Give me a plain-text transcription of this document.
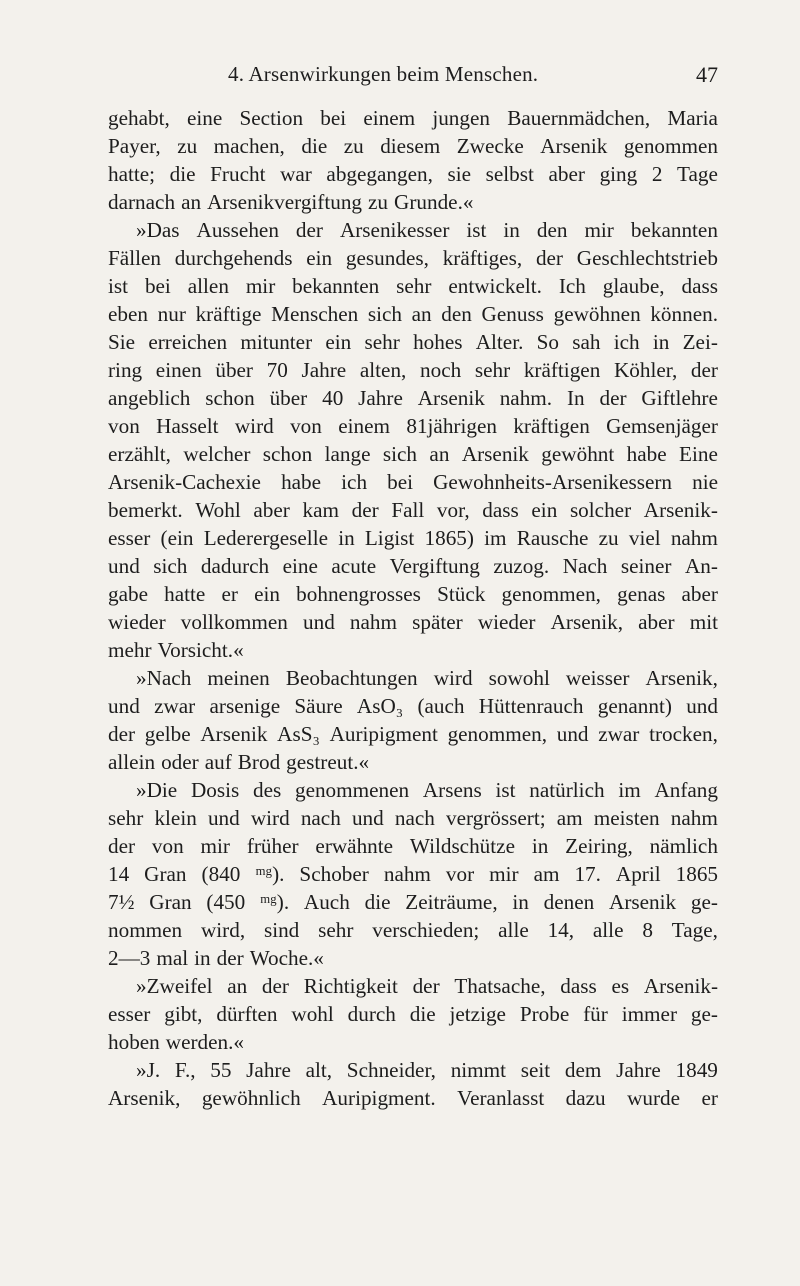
4. Arsenwirkungen beim Menschen.	47
gehabt, eine Section bei einem jungen Bauernmädchen, Maria
Payer, zu machen, die zu diesem Zwecke Arsenik genommen
hatte; die Frucht war abgegangen, sie selbst aber ging 2 Tage
darnach an Arsenikvergiftung zu Grunde.«
»Das Aussehen der Arsenikesser ist in den mir bekannten
Fällen durchgehends ein gesundes, kräftiges, der Geschlechtstrieb
ist bei allen mir bekannten sehr entwickelt. Ich glaube, dass
eben nur kräftige Menschen sich an den Genuss gewöhnen können.
Sie erreichen mitunter ein sehr hohes Alter. So sah ich in Zei-
ring einen über 70 Jahre alten, noch sehr kräftigen Köhler, der
angeblich schon über 40 Jahre Arsenik nahm. In der Giftlehre
von Hasselt wird von einem 81jährigen kräftigen Gemsenjäger
erzählt, welcher schon lange sich an Arsenik gewöhnt habe Eine
Arsenik-Cachexie habe ich bei Gewohnheits-Arsenikessern nie
bemerkt. Wohl aber kam der Fall vor, dass ein solcher Arsenik-
esser (ein Lederergeselle in Ligist 1865) im Rausche zu viel nahm
und sich dadurch eine acute Vergiftung zuzog. Nach seiner An-
gabe hatte er ein bohnengrosses Stück genommen, genas aber
wieder vollkommen und nahm später wieder Arsenik, aber mit
mehr Vorsicht.«
»Nach meinen Beobachtungen wird sowohl weisser Arsenik,
und zwar arsenige Säure AsO₃ (auch Hüttenrauch genannt) und
der gelbe Arsenik AsS₃ Auripigment genommen, und zwar trocken,
allein oder auf Brod gestreut.«
»Die Dosis des genommenen Arsens ist natürlich im Anfang
sehr klein und wird nach und nach vergrössert; am meisten nahm
der von mir früher erwähnte Wildschütze in Zeiring, nämlich
14 Gran (840 ᵐᵍ). Schober nahm vor mir am 17. April 1865
7½ Gran (450 ᵐᵍ). Auch die Zeiträume, in denen Arsenik ge-
nommen wird, sind sehr verschieden; alle 14, alle 8 Tage,
2—3 mal in der Woche.«
»Zweifel an der Richtigkeit der Thatsache, dass es Arsenik-
esser gibt, dürften wohl durch die jetzige Probe für immer ge-
hoben werden.«
»J. F., 55 Jahre alt, Schneider, nimmt seit dem Jahre 1849
Arsenik, gewöhnlich Auripigment. Veranlasst dazu wurde er
